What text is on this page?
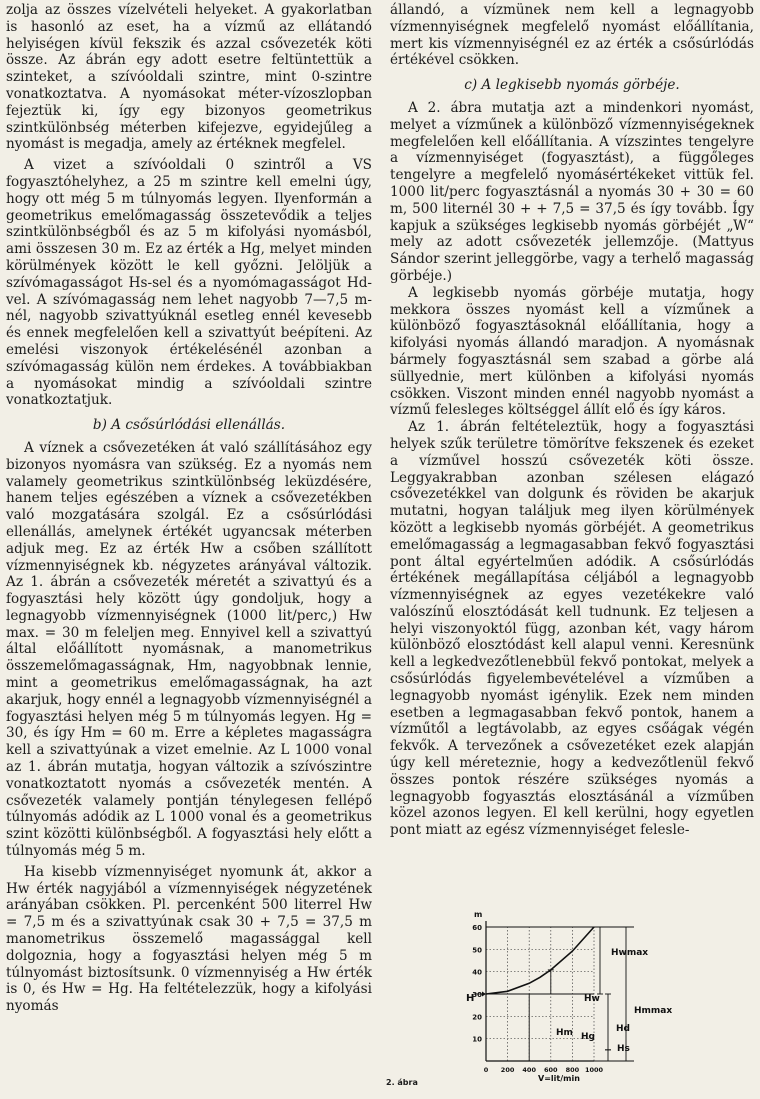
zolja az összes vízelvételi helyeket. A gyakorlatban is hasonló az eset, ha a vízmű az ellátandó helyiségen kívül fekszik és azzal csővezeték köti össze. Az ábrán egy adott esetre feltüntettük a szinteket, a szívóoldali szintre, mint 0-szintre vonatkoztatva. A nyomásokat méter-vízoszlopban fejeztük ki, így egy bizonyos geometrikus szintkülönbség méterben kifejezve, egyidejűleg a nyomást is megadja, amely az értéknek megfelel.

A vizet a szívóoldali 0 szintről a VS fogyasztóhelyhez, a 25 m szintre kell emelni úgy, hogy ott még 5 m túlnyomás legyen. Ilyenformán a geometrikus emelőmagasság összetevődik a teljes szintkülönbségből és az 5 m kifolyási nyomásból, ami összesen 30 m. Ez az érték a Hg, melyet minden körülmények között le kell győzni. Jelöljük a szívómagasságot Hs-sel és a nyomómagasságot Hd-vel. A szívómagasság nem lehet nagyobb 7—7,5 m-nél, nagyobb szivattyúknál esetleg ennél kevesebb és ennek megfelelően kell a szivattyút beépíteni. Az emelési viszonyok értékelésénél azonban a szívómagasság külön nem érdekes. A továbbiakban a nyomásokat mindig a szívóoldali szintre vonatkoztatjuk.

b) A csősúrlódási ellenállás.

A víznek a csővezetéken át való szállításához egy bizonyos nyomásra van szükség. Ez a nyomás nem valamely geometrikus szintkülönbség leküzdésére, hanem teljes egészében a víznek a csővezetékben való mozgatására szolgál. Ez a csősúrlódási ellenállás, amelynek értékét ugyancsak méterben adjuk meg. Ez az érték Hw a csőben szállított vízmennyiségnek kb. négyzetes arányával változik. Az 1. ábrán a csővezeték méretét a szivattyú és a fogyasztási hely között úgy gondoljuk, hogy a legnagyobb vízmennyiségnek (1000 lit/perc,) Hw max. = 30 m feleljen meg. Ennyivel kell a szivattyú által előállított nyomásnak, a manometrikus összemelőmagasságnak, Hm, nagyobbnak lennie, mint a geometrikus emelőmagasságnak, ha azt akarjuk, hogy ennél a legnagyobb vízmennyiségnél a fogyasztási helyen még 5 m túlnyomás legyen. Hg = 30, és így Hm = 60 m. Erre a képletes magasságra kell a szivattyúnak a vizet emelnie. Az L 1000 vonal az 1. ábrán mutatja, hogyan változik a szívószintre vonatkoztatott nyomás a csővezeték mentén. A csővezeték valamely pontján ténylegesen fellépő túlnyomás adódik az L 1000 vonal és a geometrikus szint közötti különbségből. A fogyasztási hely előtt a túlnyomás még 5 m.

Ha kisebb vízmennyiséget nyomunk át, akkor a Hw érték nagyjából a vízmennyiségek négyzetének arányában csökken. Pl. percenként 500 literrel Hw = 7,5 m és a szivattyúnak csak 30 + 7,5 = 37,5 m manometrikus összemelő magassággal kell dolgoznia, hogy a fogyasztási helyen még 5 m túlnyomást biztosítsunk. 0 vízmennyiség a Hw érték is 0, és Hw = Hg. Ha feltételezzük, hogy a kifolyási nyomás

állandó, a vízmünek nem kell a legnagyobb vízmennyiségnek megfelelő nyomást előállítania, mert kis vízmennyiségnél ez az érték a csősúrlódás értékével csökken.

c) A legkisebb nyomás görbéje.

A 2. ábra mutatja azt a mindenkori nyomást, melyet a vízműnek a különböző vízmennyiségeknek megfelelően kell előállítania. A vízszintes tengelyre a vízmennyiséget (fogyasztást), a függőleges tengelyre a megfelelő nyomásértékeket vittük fel. 1000 lit/perc fogyasztásnál a nyomás 30 + 30 = 60 m, 500 liternél 30 + + 7,5 = 37,5 és így tovább. Így kapjuk a szükséges legkisebb nyomás görbéjét „W“ mely az adott csővezeték jellemzője. (Mattyus Sándor szerint jelleggörbe, vagy a terhelő magasság görbéje.)

A legkisebb nyomás görbéje mutatja, hogy mekkora összes nyomást kell a vízműnek a különböző fogyasztásoknál előállítania, hogy a kifolyási nyomás állandó maradjon. A nyomásnak bármely fogyasztásnál sem szabad a görbe alá süllyednie, mert különben a kifolyási nyomás csökken. Viszont minden ennél nagyobb nyomást a vízmű felesleges költséggel állít elő és így káros.

Az 1. ábrán feltételeztük, hogy a fogyasztási helyek szűk területre tömörítve fekszenek és ezeket a vízművel hosszú csővezeték köti össze. Leggyakrabban azonban szélesen elágazó csővezetékkel van dolgunk és röviden be akarjuk mutatni, hogyan találjuk meg ilyen körülmények között a legkisebb nyomás görbéjét. A geometrikus emelőmagasság a legmagasabban fekvő fogyasztási pont által egyértelműen adódik. A csősúrlódás értékének megállapítása céljából a legnagyobb vízmennyiségnek az egyes vezetékekre való valószínű elosztódását kell tudnunk. Ez teljesen a helyi viszonyoktól függ, azonban két, vagy három különböző elosztódást kell alapul venni. Keresnünk kell a legkedvezőtlenebbül fekvő pontokat, melyek a csősúrlódás figyelembevételével a vízműben a legnagyobb nyomást igénylik. Ezek nem minden esetben a legmagasabban fekvő pontok, hanem a vízműtől a legtávolabb, az egyes csőágak végén fekvők. A tervezőnek a csővezetéket ezek alapján úgy kell méreteznie, hogy a kedvezőtlenül fekvő összes pontok részére szükséges nyomás a legnagyobb fogyasztás elosztásánál a vízműben közel azonos legyen. El kell kerülni, hogy egyetlen pont miatt az egész vízmennyiséget feleslе-

60
50
40
30
20
10
0 200 400 600 800 1000
m
H
V=lit/min
Hwmax
Hw
Hmmax
Hm Hg
Hd
Hs
2. ábra
